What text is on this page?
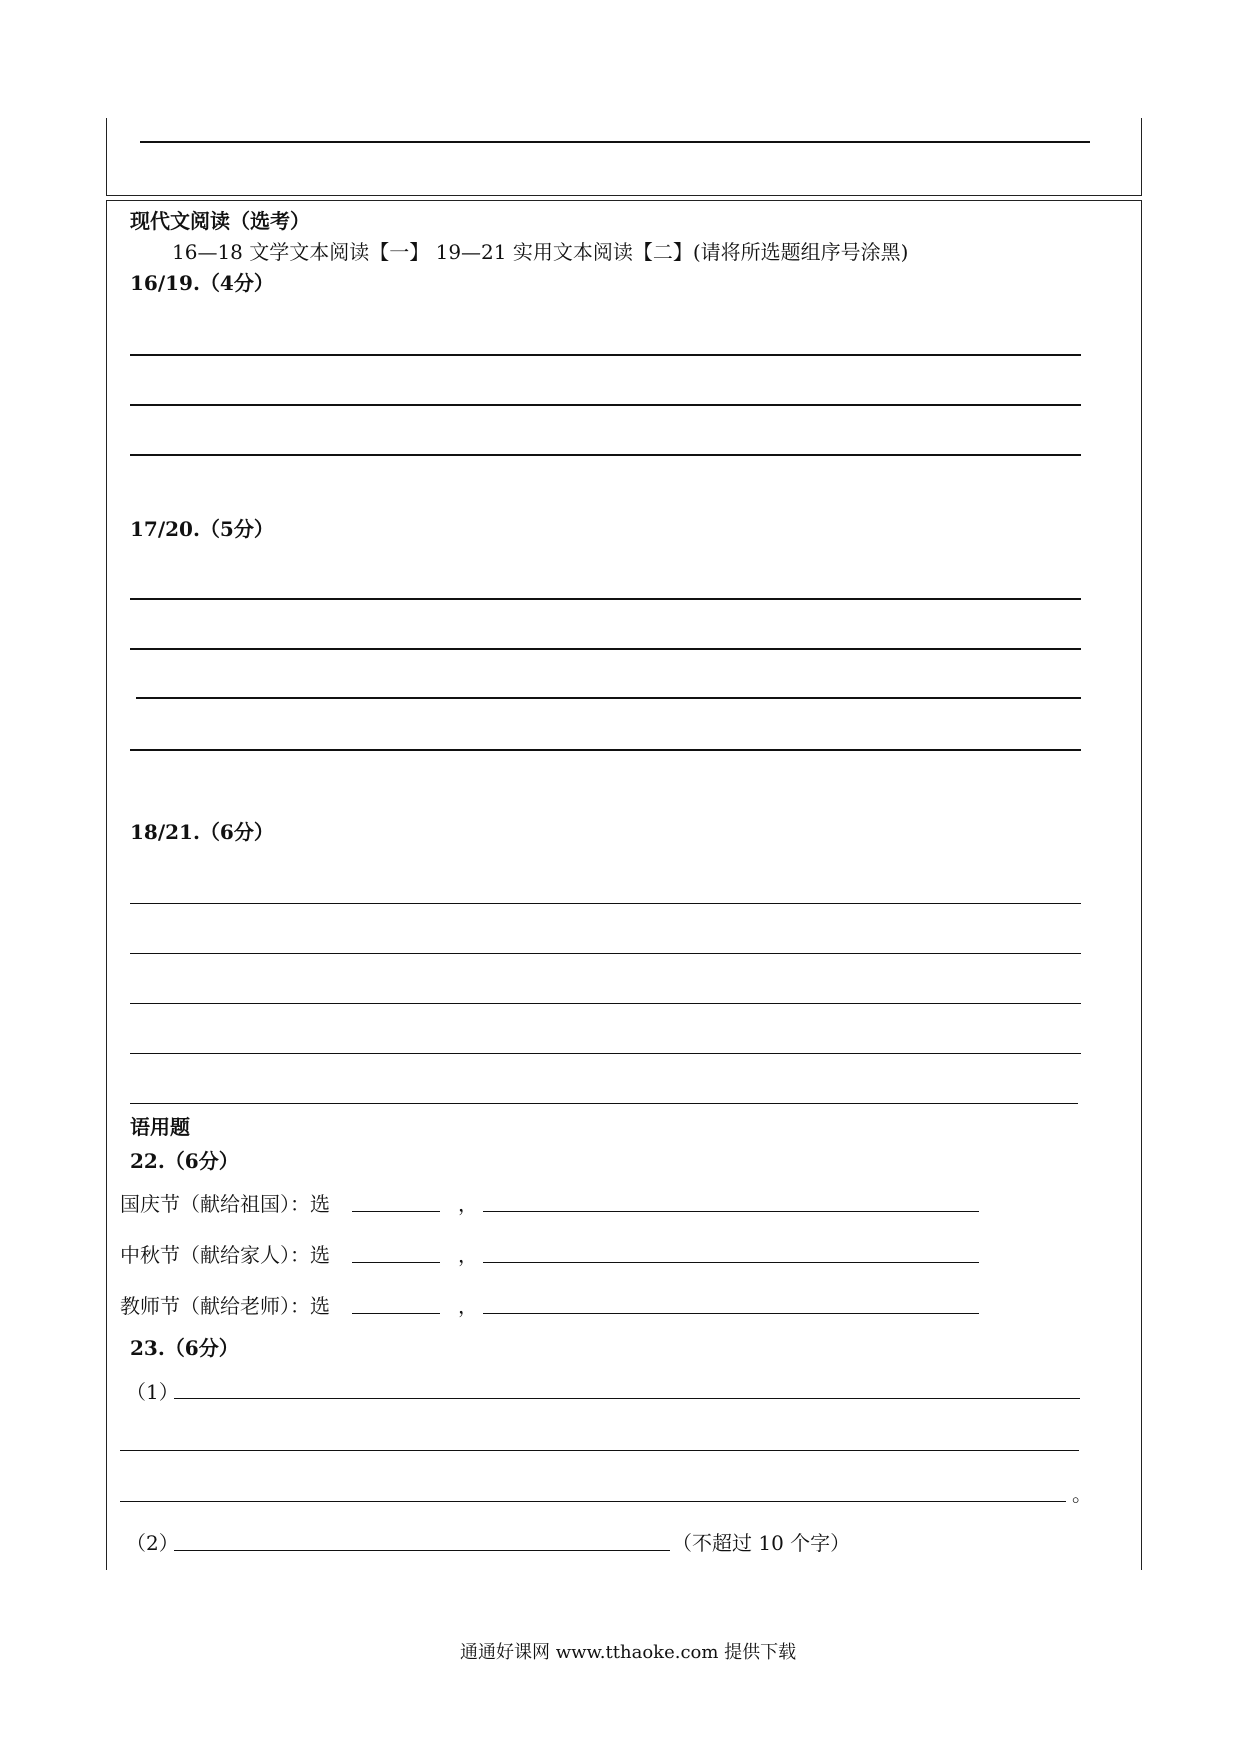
现代文阅读（选考）
16—18 文学文本阅读【一】 19—21 实用文本阅读【二】(请将所选题组序号涂黑)
16/19.（4分）
17/20.（5分）
18/21.（6分）
语用题
22.（6分）
国庆节（献给祖国）：选	，
中秋节（献给家人）：选	，
教师节（献给老师）：选	，
23.（6分）
（1）
。
（2）	（不超过 10 个字）
通通好课网 www.tthaoke.com 提供下载
